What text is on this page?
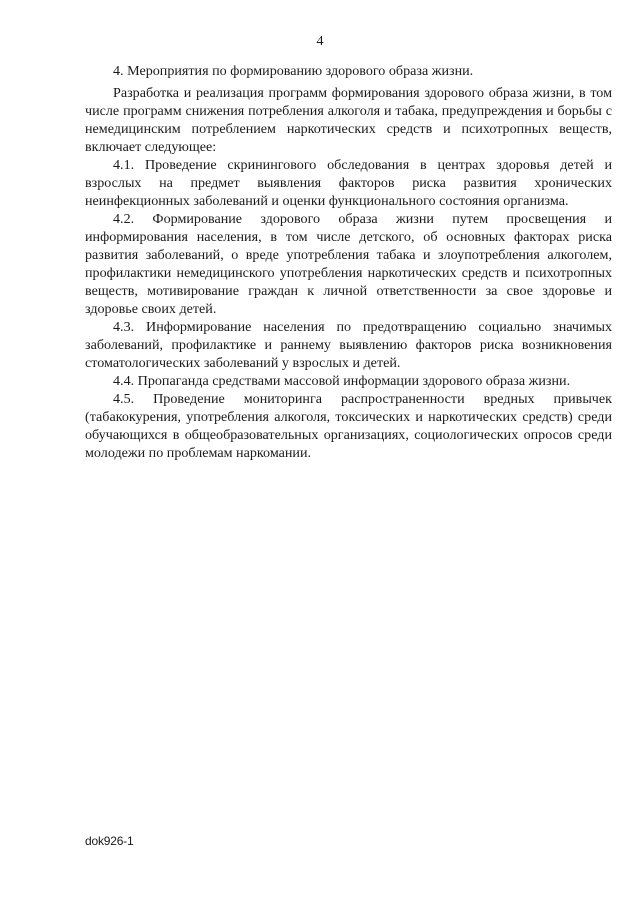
4

4. Мероприятия по формированию здорового образа жизни.

Разработка и реализация программ формирования здорового образа жизни, в том числе программ снижения потребления алкоголя и табака, предупреждения и борьбы с немедицинским потреблением наркотических средств и психотропных веществ, включает следующее:

4.1. Проведение скринингового обследования в центрах здоровья детей и взрослых на предмет выявления факторов риска развития хронических неинфекционных заболеваний и оценки функционального состояния организма.

4.2. Формирование здорового образа жизни путем просвещения и информирования населения, в том числе детского, об основных факторах риска развития заболеваний, о вреде употребления табака и злоупотребления алкоголем, профилактики немедицинского употребления наркотических средств и психотропных веществ, мотивирование граждан к личной ответственности за свое здоровье и здоровье своих детей.

4.3. Информирование населения по предотвращению социально значимых заболеваний, профилактике и раннему выявлению факторов риска возникновения стоматологических заболеваний у взрослых и детей.

4.4. Пропаганда средствами массовой информации здорового образа жизни.

4.5. Проведение мониторинга распространенности вредных привычек (табакокурения, употребления алкоголя, токсических и наркотических средств) среди обучающихся в общеобразовательных организациях, социологических опросов среди молодежи по проблемам наркомании.

dok926-1
